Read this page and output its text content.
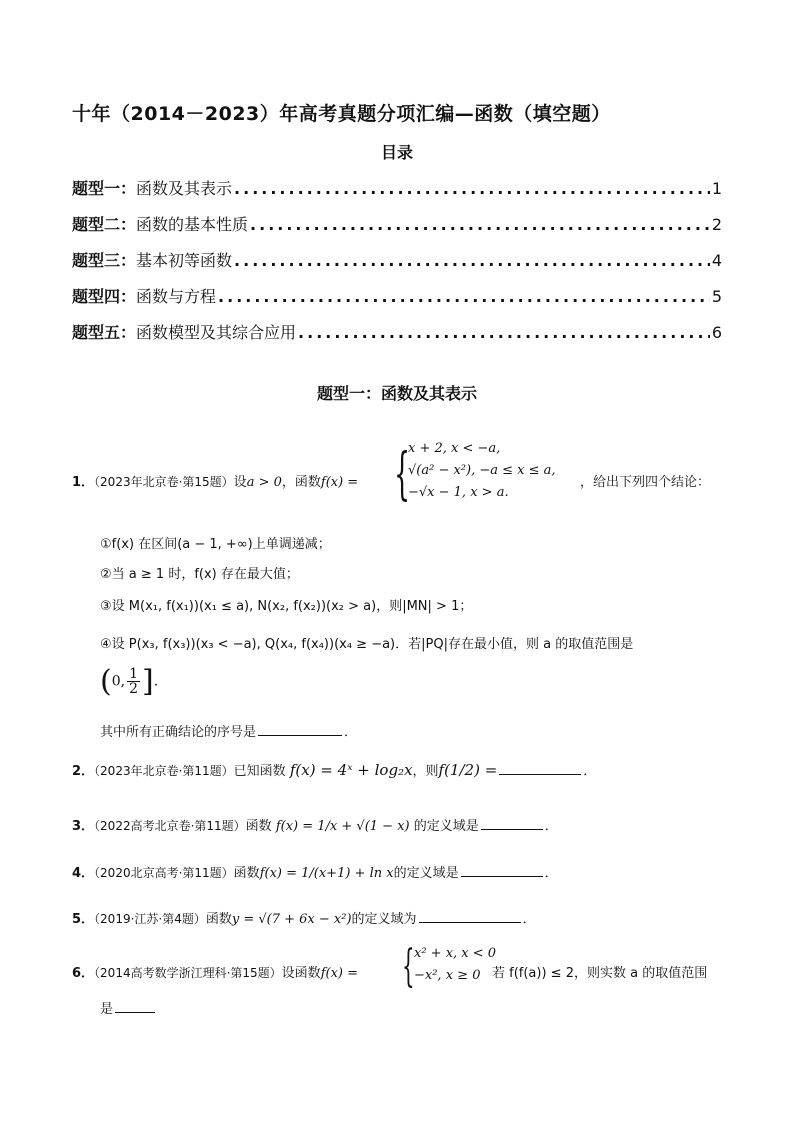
十年（2014－2023）年高考真题分项汇编—函数（填空题）
目录
题型一： 函数及其表示 .....	1
题型二： 函数的基本性质 .....	2
题型三： 基本初等函数 .....	4
题型四： 函数与方程 .....	5
题型五： 函数模型及其综合应用 .....	6
题型一：函数及其表示
1．（2023年北京卷·第15题）设a > 0，函数f(x) = {
x + 2, x < −a,
√(a² − x²), −a ≤ x ≤ a,
−√x − 1, x > a.
，给出下列四个结论：
①f(x) 在区间(a − 1, +∞)上单调递减；
②当 a ≥ 1 时，f(x) 存在最大值；
③设 M(x₁, f(x₁))(x₁ ≤ a), N(x₂, f(x₂))(x₂ > a)，则|MN| > 1；
④设 P(x₃, f(x₃))(x₃ < −a), Q(x₄, f(x₄))(x₄ ≥ −a)．若|PQ|存在最小值，则 a 的取值范围是
(0, $\frac{1}{2}$ ].
其中所有正确结论的序号是	．
2．（2023年北京卷·第11题）已知函数 f(x) = 4ˣ + log₂x，则f(1/2) =	．
3．（2022高考北京卷·第11题）函数 f(x) = 1/x + √(1 − x) 的定义域是	．
4．（2020北京高考·第11题）函数f(x) = 1/(x+1) + ln x的定义域是	．
5．（2019·江苏·第4题）函数y = √(7 + 6x − x²)的定义域为	．
6．（2014高考数学浙江理科·第15题）设函数f(x) = { x² + x, x < 0
−x², x ≥ 0 若 f(f(a)) ≤ 2，则实数 a 的取值范围
是
